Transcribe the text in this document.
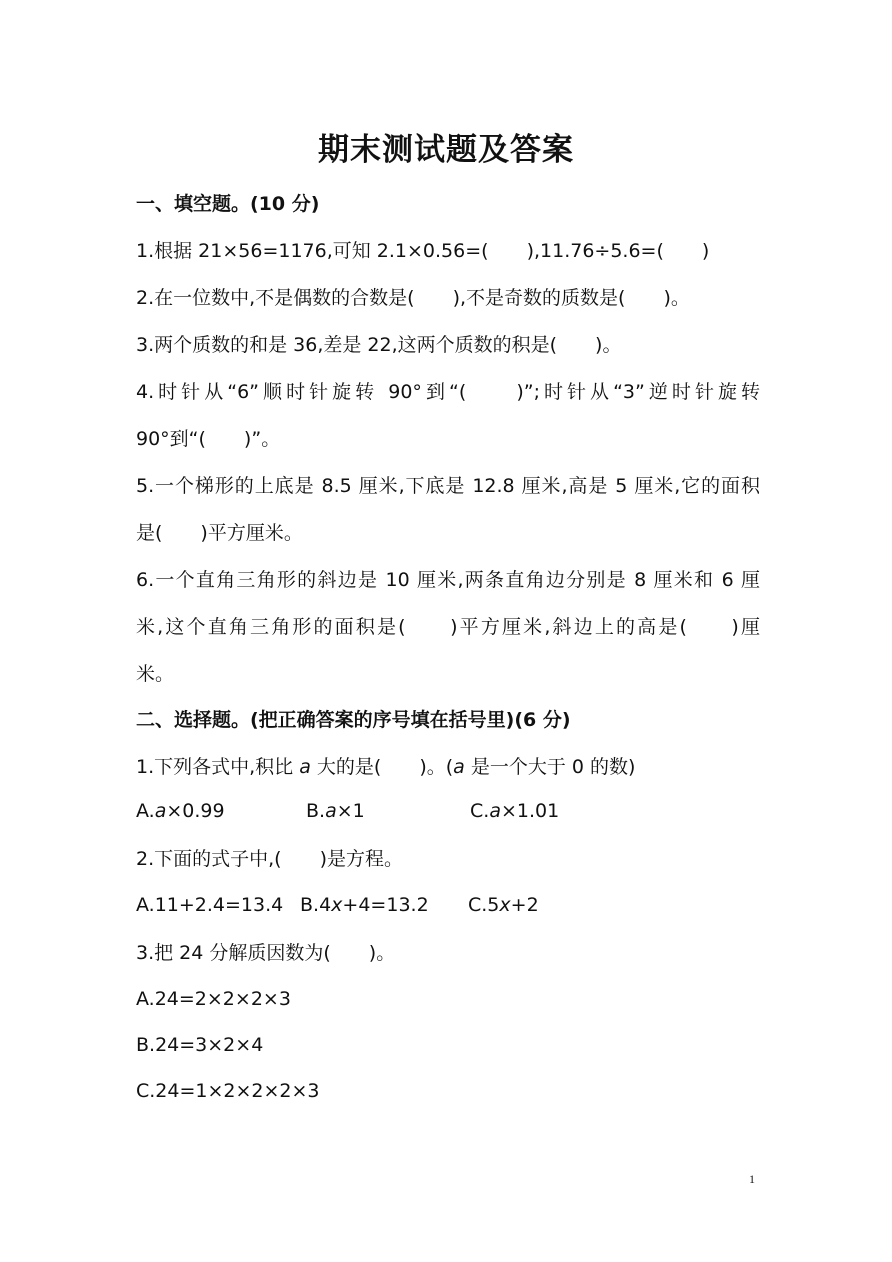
期末测试题及答案
一、填空题。(10 分)
1.根据 21×56=1176,可知 2.1×0.56=(　　),11.76÷5.6=(　　)
2.在一位数中,不是偶数的合数是(　　),不是奇数的质数是(　　)。
3.两个质数的和是 36,差是 22,这两个质数的积是(　　)。
4.时针从“6”顺时针旋转 90°到“(　　)”;时针从“3”逆时针旋转
90°到“(　　)”。
5.一个梯形的上底是 8.5 厘米,下底是 12.8 厘米,高是 5 厘米,它的面积
是(　　)平方厘米。
6.一个直角三角形的斜边是 10 厘米,两条直角边分别是 8 厘米和 6 厘
米,这个直角三角形的面积是(　　)平方厘米,斜边上的高是(　　)厘
米。
二、选择题。(把正确答案的序号填在括号里)(6 分)
1.下列各式中,积比 a 大的是(　　)。(a 是一个大于 0 的数)
A.a×0.99	B.a×1	C.a×1.01
2.下面的式子中,(　　)是方程。
A.11+2.4=13.4 B.4x+4=13.2 C.5x+2
3.把 24 分解质因数为(　　)。
A.24=2×2×2×3
B.24=3×2×4
C.24=1×2×2×2×3
1
